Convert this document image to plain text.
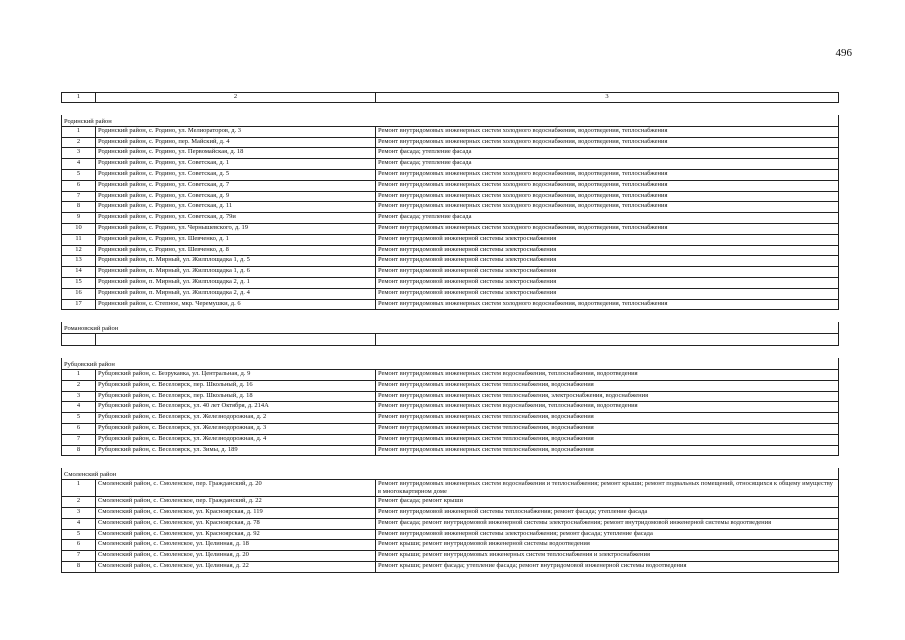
496
1	2	3

Родинский район		
1	Родинский район, с. Родино, ул. Мелиораторов, д. 3	Ремонт внутридомовых инженерных систем холодного водоснабжения, водоотведения, теплоснабжения
2	Родинский район, с. Родино, пер. Майский, д. 4	Ремонт внутридомовых инженерных систем холодного водоснабжения, водоотведения, теплоснабжения
3	Родинский район, с. Родино, ул. Первомайская, д. 18	Ремонт фасада; утепление фасада
4	Родинский район, с. Родино, ул. Советская, д. 1	Ремонт фасада; утепление фасада
5	Родинский район, с. Родино, ул. Советская, д. 5	Ремонт внутридомовых инженерных систем холодного водоснабжения, водоотведения, теплоснабжения
6	Родинский район, с. Родино, ул. Советская, д. 7	Ремонт внутридомовых инженерных систем холодного водоснабжения, водоотведения, теплоснабжения
7	Родинский район, с. Родино, ул. Советская, д. 9	Ремонт внутридомовых инженерных систем холодного водоснабжения, водоотведения, теплоснабжения
8	Родинский район, с. Родино, ул. Советская, д. 11	Ремонт внутридомовых инженерных систем холодного водоснабжения, водоотведения, теплоснабжения
9	Родинский район, с. Родино, ул. Советская, д. 79и	Ремонт фасада; утепление фасада
10	Родинский район, с. Родино, ул. Чернышевского, д. 19	Ремонт внутридомовых инженерных систем холодного водоснабжения, водоотведения, теплоснабжения
11	Родинский район, с. Родино, ул. Шевченко, д. 1	Ремонт внутридомовой инженерной системы электроснабжения
12	Родинский район, с. Родино, ул. Шевченко, д. 8	Ремонт внутридомовой инженерной системы электроснабжения
13	Родинский район, п. Мирный, ул. Жилплощадка 1, д. 5	Ремонт внутридомовой инженерной системы электроснабжения
14	Родинский район, п. Мирный, ул. Жилплощадка 1, д. 6	Ремонт внутридомовой инженерной системы электроснабжения
15	Родинский район, п. Мирный, ул. Жилплощадка 2, д. 1	Ремонт внутридомовой инженерной системы электроснабжения
16	Родинский район, п. Мирный, ул. Жилплощадка 2, д. 4	Ремонт внутридомовой инженерной системы электроснабжения
17	Родинский район, с. Степное, мкр. Черемушки, д. 6	Ремонт внутридомовых инженерных систем холодного водоснабжения, водоотведения, теплоснабжения

Романовский район		

Рубцовский район		
1	Рубцовский район, с. Безрукавка, ул. Центральная, д. 9	Ремонт внутридомовых инженерных систем водоснабжения, теплоснабжения, водоотведения
2	Рубцовский район, с. Веселоярск, пер. Школьный, д. 16	Ремонт внутридомовых инженерных систем теплоснабжения, водоснабжения
3	Рубцовский район, с. Веселоярск, пер. Школьный, д. 18	Ремонт внутридомовых инженерных систем теплоснабжения, электроснабжения, водоснабжения
4	Рубцовский район, с. Веселоярск, ул. 40 лет Октября, д. 214А	Ремонт внутридомовых инженерных систем водоснабжения, теплоснабжения, водоотведения
5	Рубцовский район, с. Веселоярск, ул. Железнодорожная, д. 2	Ремонт внутридомовых инженерных систем теплоснабжения, водоснабжения
6	Рубцовский район, с. Веселоярск, ул. Железнодорожная, д. 3	Ремонт внутридомовых инженерных систем теплоснабжения, водоснабжения
7	Рубцовский район, с. Веселоярск, ул. Железнодорожная, д. 4	Ремонт внутридомовых инженерных систем теплоснабжения, водоснабжения
8	Рубцовский район, с. Веселоярск, ул. Зимы, д. 189	Ремонт внутридомовых инженерных систем теплоснабжения, водоснабжения

Смоленский район		
1	Смоленский район, с. Смоленское, пер. Гражданский, д. 20	Ремонт внутридомовых инженерных систем водоснабжения и теплоснабжения; ремонт крыши; ремонт подвальных помещений, относящихся к общему имуществу в многоквартирном доме
2	Смоленский район, с. Смоленское, пер. Гражданский, д. 22	Ремонт фасада; ремонт крыши
3	Смоленский район, с. Смоленское, ул. Красноярская, д. 119	Ремонт внутридомовой инженерной системы теплоснабжения; ремонт фасада; утепление фасада
4	Смоленский район, с. Смоленское, ул. Красноярская, д. 78	Ремонт фасада; ремонт внутридомовой инженерной системы электроснабжения; ремонт внутридомовой инженерной системы водоотведения
5	Смоленский район, с. Смоленское, ул. Красноярская, д. 92	Ремонт внутридомовой инженерной системы электроснабжения; ремонт фасада; утепление фасада
6	Смоленский район, с. Смоленское, ул. Целинная, д. 18	Ремонт крыши; ремонт внутридомовой инженерной системы водоотведения
7	Смоленский район, с. Смоленское, ул. Целинная, д. 20	Ремонт крыши; ремонт внутридомовых инженерных систем теплоснабжения и электроснабжения
8	Смоленский район, с. Смоленское, ул. Целинная, д. 22	Ремонт крыши; ремонт фасада; утепление фасада; ремонт внутридомовой инженерной системы водоотведения
